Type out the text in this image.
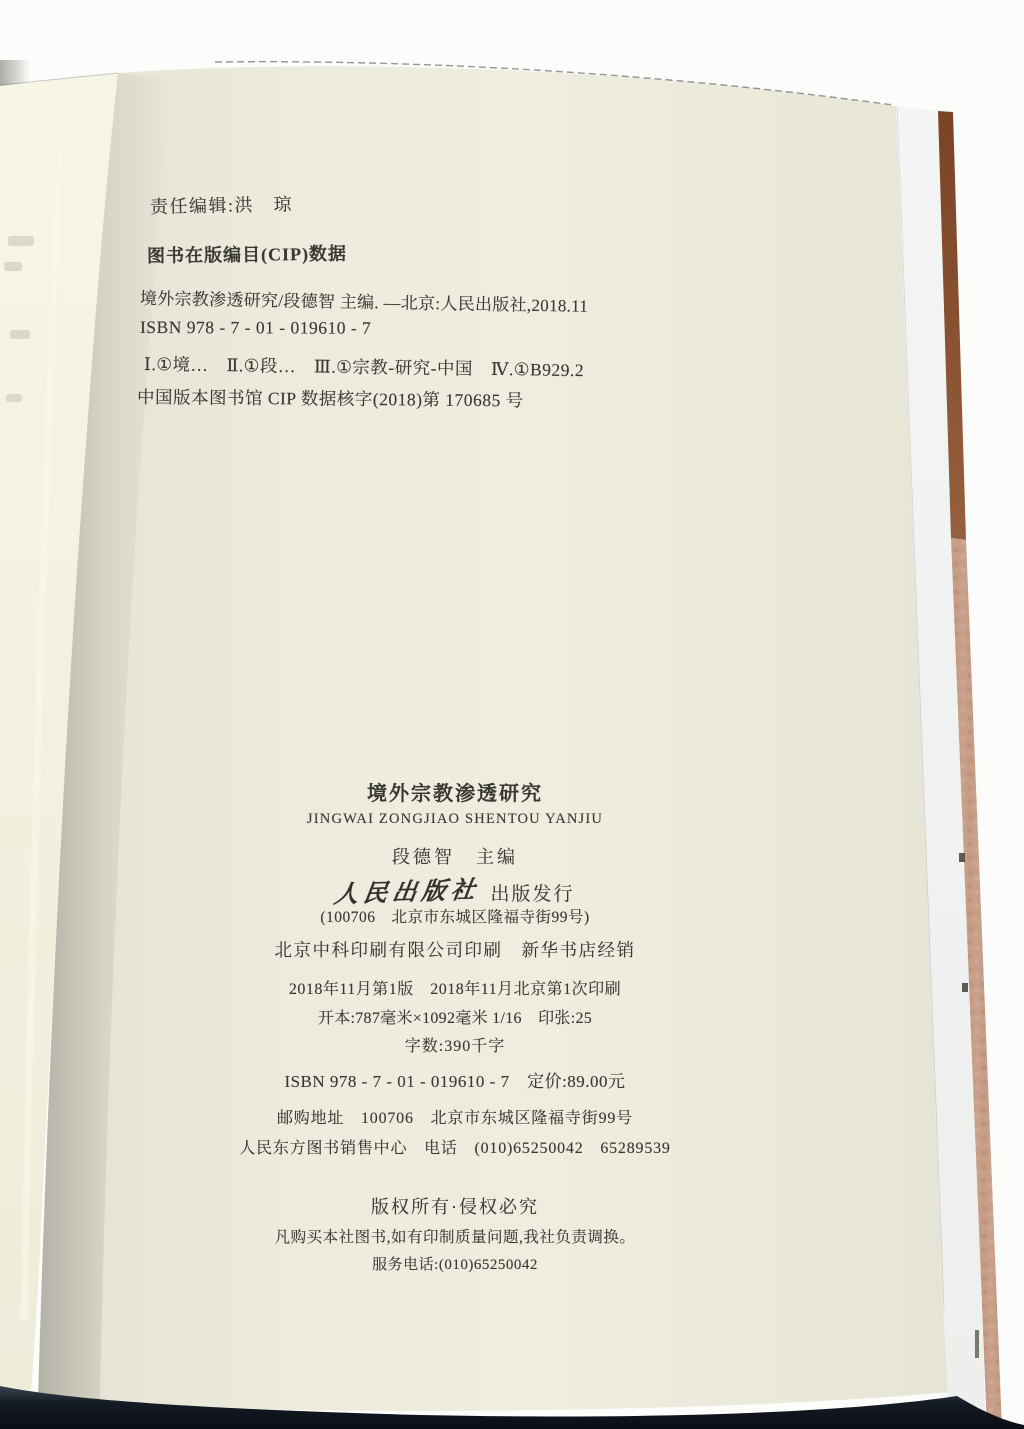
责任编辑:洪　琼
图书在版编目(CIP)数据
境外宗教渗透研究/段德智 主编. —北京:人民出版社,2018.11
ISBN 978 - 7 - 01 - 019610 - 7
Ⅰ.①境…　Ⅱ.①段…　Ⅲ.①宗教-研究-中国　Ⅳ.①B929.2
中国版本图书馆 CIP 数据核字(2018)第 170685 号
境外宗教渗透研究
JINGWAI ZONGJIAO SHENTOU YANJIU
段德智　主编
人民出版社 出版发行
(100706　北京市东城区隆福寺街99号)
北京中科印刷有限公司印刷　新华书店经销
2018年11月第1版　2018年11月北京第1次印刷
开本:787毫米×1092毫米 1/16　印张:25
字数:390千字
ISBN 978 - 7 - 01 - 019610 - 7　定价:89.00元
邮购地址　100706　北京市东城区隆福寺街99号
人民东方图书销售中心　电话　(010)65250042　65289539
版权所有·侵权必究
凡购买本社图书,如有印制质量问题,我社负责调换。
服务电话:(010)65250042
